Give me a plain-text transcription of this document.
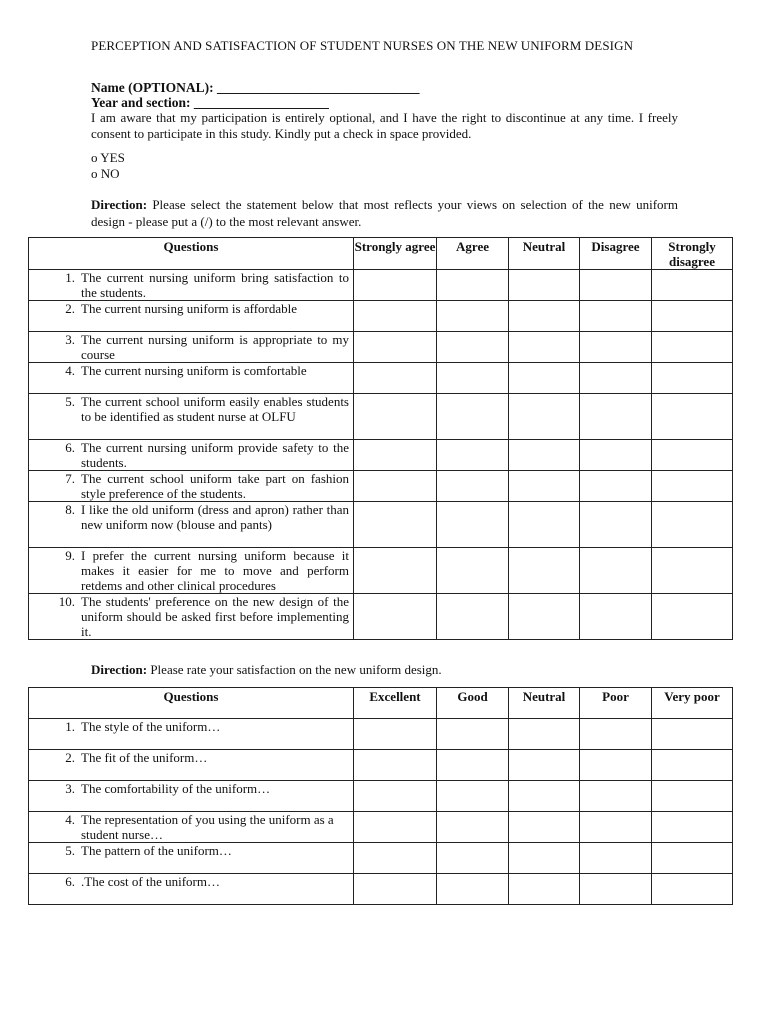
PERCEPTION AND SATISFACTION OF STUDENT NURSES ON THE NEW UNIFORM DESIGN
Name (OPTIONAL): ______________________________
Year and section: ____________________
I am aware that my participation is entirely optional, and I have the right to discontinue at any time. I freely consent to participate in this study. Kindly put a check in space provided.
o YES
o NO
Direction: Please select the statement below that most reflects your views on selection of the new uniform design - please put a (/) to the most relevant answer.
Questions	Strongly agree	Agree	Neutral	Disagree	Strongly disagree

1. The current nursing uniform bring satisfaction to the students.					

2. The current nursing uniform is affordable					

3. The current nursing uniform is appropriate to my course					

4. The current nursing uniform is comfortable					

5. The current school uniform easily enables students to be identified as student nurse at OLFU					

6. The current nursing uniform provide safety to the students.					

7. The current school uniform take part on fashion style preference of the students.					

8. I like the old uniform (dress and apron) rather than new uniform now (blouse and pants)					

9. I prefer the current nursing uniform because it makes it easier for me to move and perform retdems and other clinical procedures					

10. The students' preference on the new design of the uniform should be asked first before implementing it.					

Direction: Please rate your satisfaction on the new uniform design.
Questions	Excellent	Good	Neutral	Poor	Very poor

1. The style of the uniform…					

2. The fit of the uniform…					

3. The comfortability of the uniform…					

4. The representation of you using the uniform as a student nurse…					

5. The pattern of the uniform…					

6. .The cost of the uniform…					
